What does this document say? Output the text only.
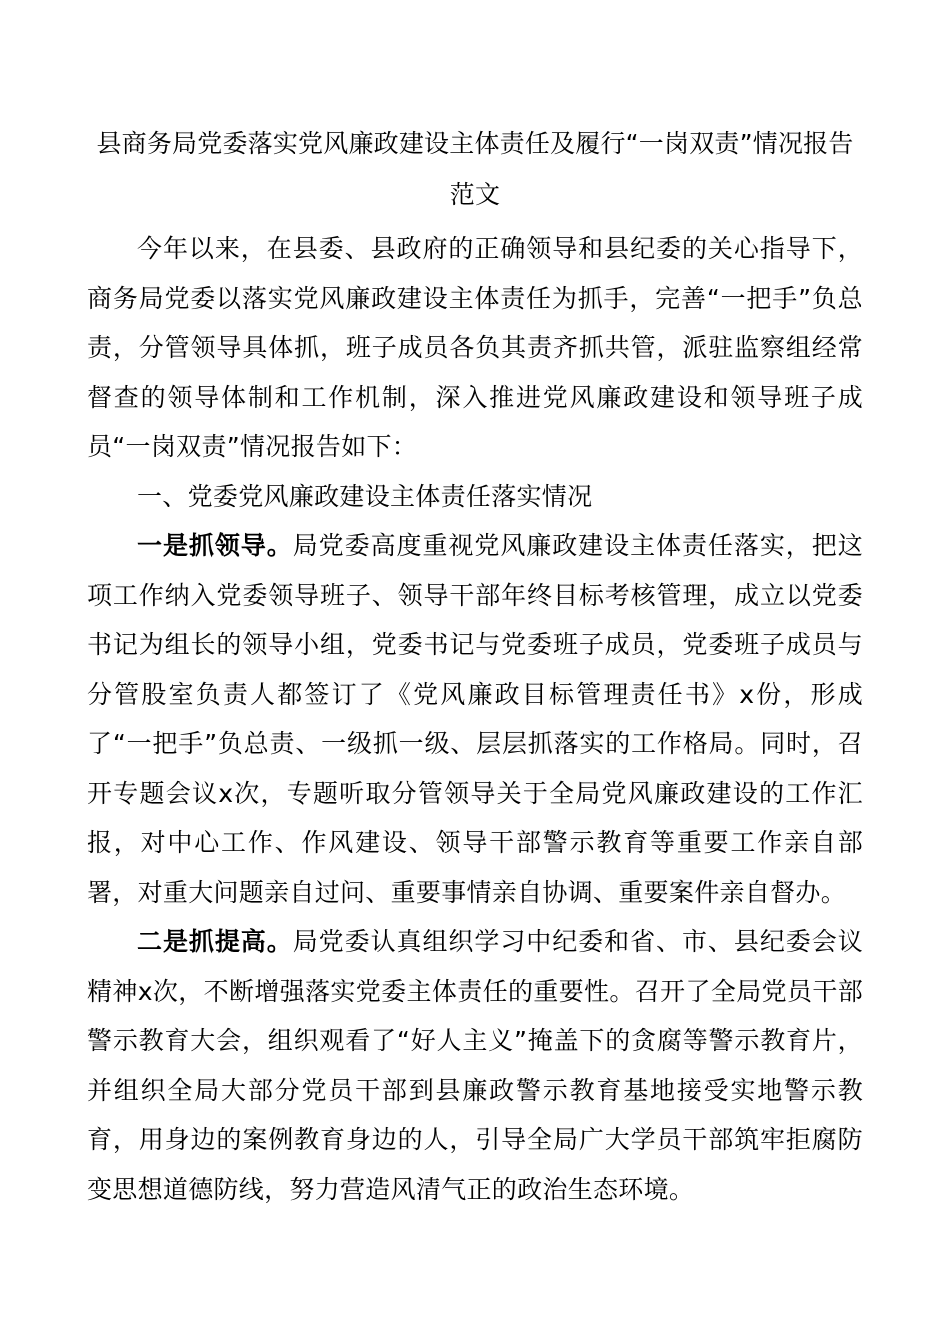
县商务局党委落实党风廉政建设主体责任及履行“一岗双责”情况报告范文

今年以来，在县委、县政府的正确领导和县纪委的关心指导下，商务局党委以落实党风廉政建设主体责任为抓手，完善“一把手”负总责，分管领导具体抓，班子成员各负其责齐抓共管，派驻监察组经常督查的领导体制和工作机制，深入推进党风廉政建设和领导班子成员“一岗双责”情况报告如下：

一、党委党风廉政建设主体责任落实情况

一是抓领导。局党委高度重视党风廉政建设主体责任落实，把这项工作纳入党委领导班子、领导干部年终目标考核管理，成立以党委书记为组长的领导小组，党委书记与党委班子成员，党委班子成员与分管股室负责人都签订了《党风廉政目标管理责任书》x份，形成了“一把手”负总责、一级抓一级、层层抓落实的工作格局。同时，召开专题会议x次，专题听取分管领导关于全局党风廉政建设的工作汇报，对中心工作、作风建设、领导干部警示教育等重要工作亲自部署，对重大问题亲自过问、重要事情亲自协调、重要案件亲自督办。

二是抓提高。局党委认真组织学习中纪委和省、市、县纪委会议精神x次，不断增强落实党委主体责任的重要性。召开了全局党员干部警示教育大会，组织观看了“好人主义”掩盖下的贪腐等警示教育片，并组织全局大部分党员干部到县廉政警示教育基地接受实地警示教育，用身边的案例教育身边的人，引导全局广大学员干部筑牢拒腐防变思想道德防线，努力营造风清气正的政治生态环境。
